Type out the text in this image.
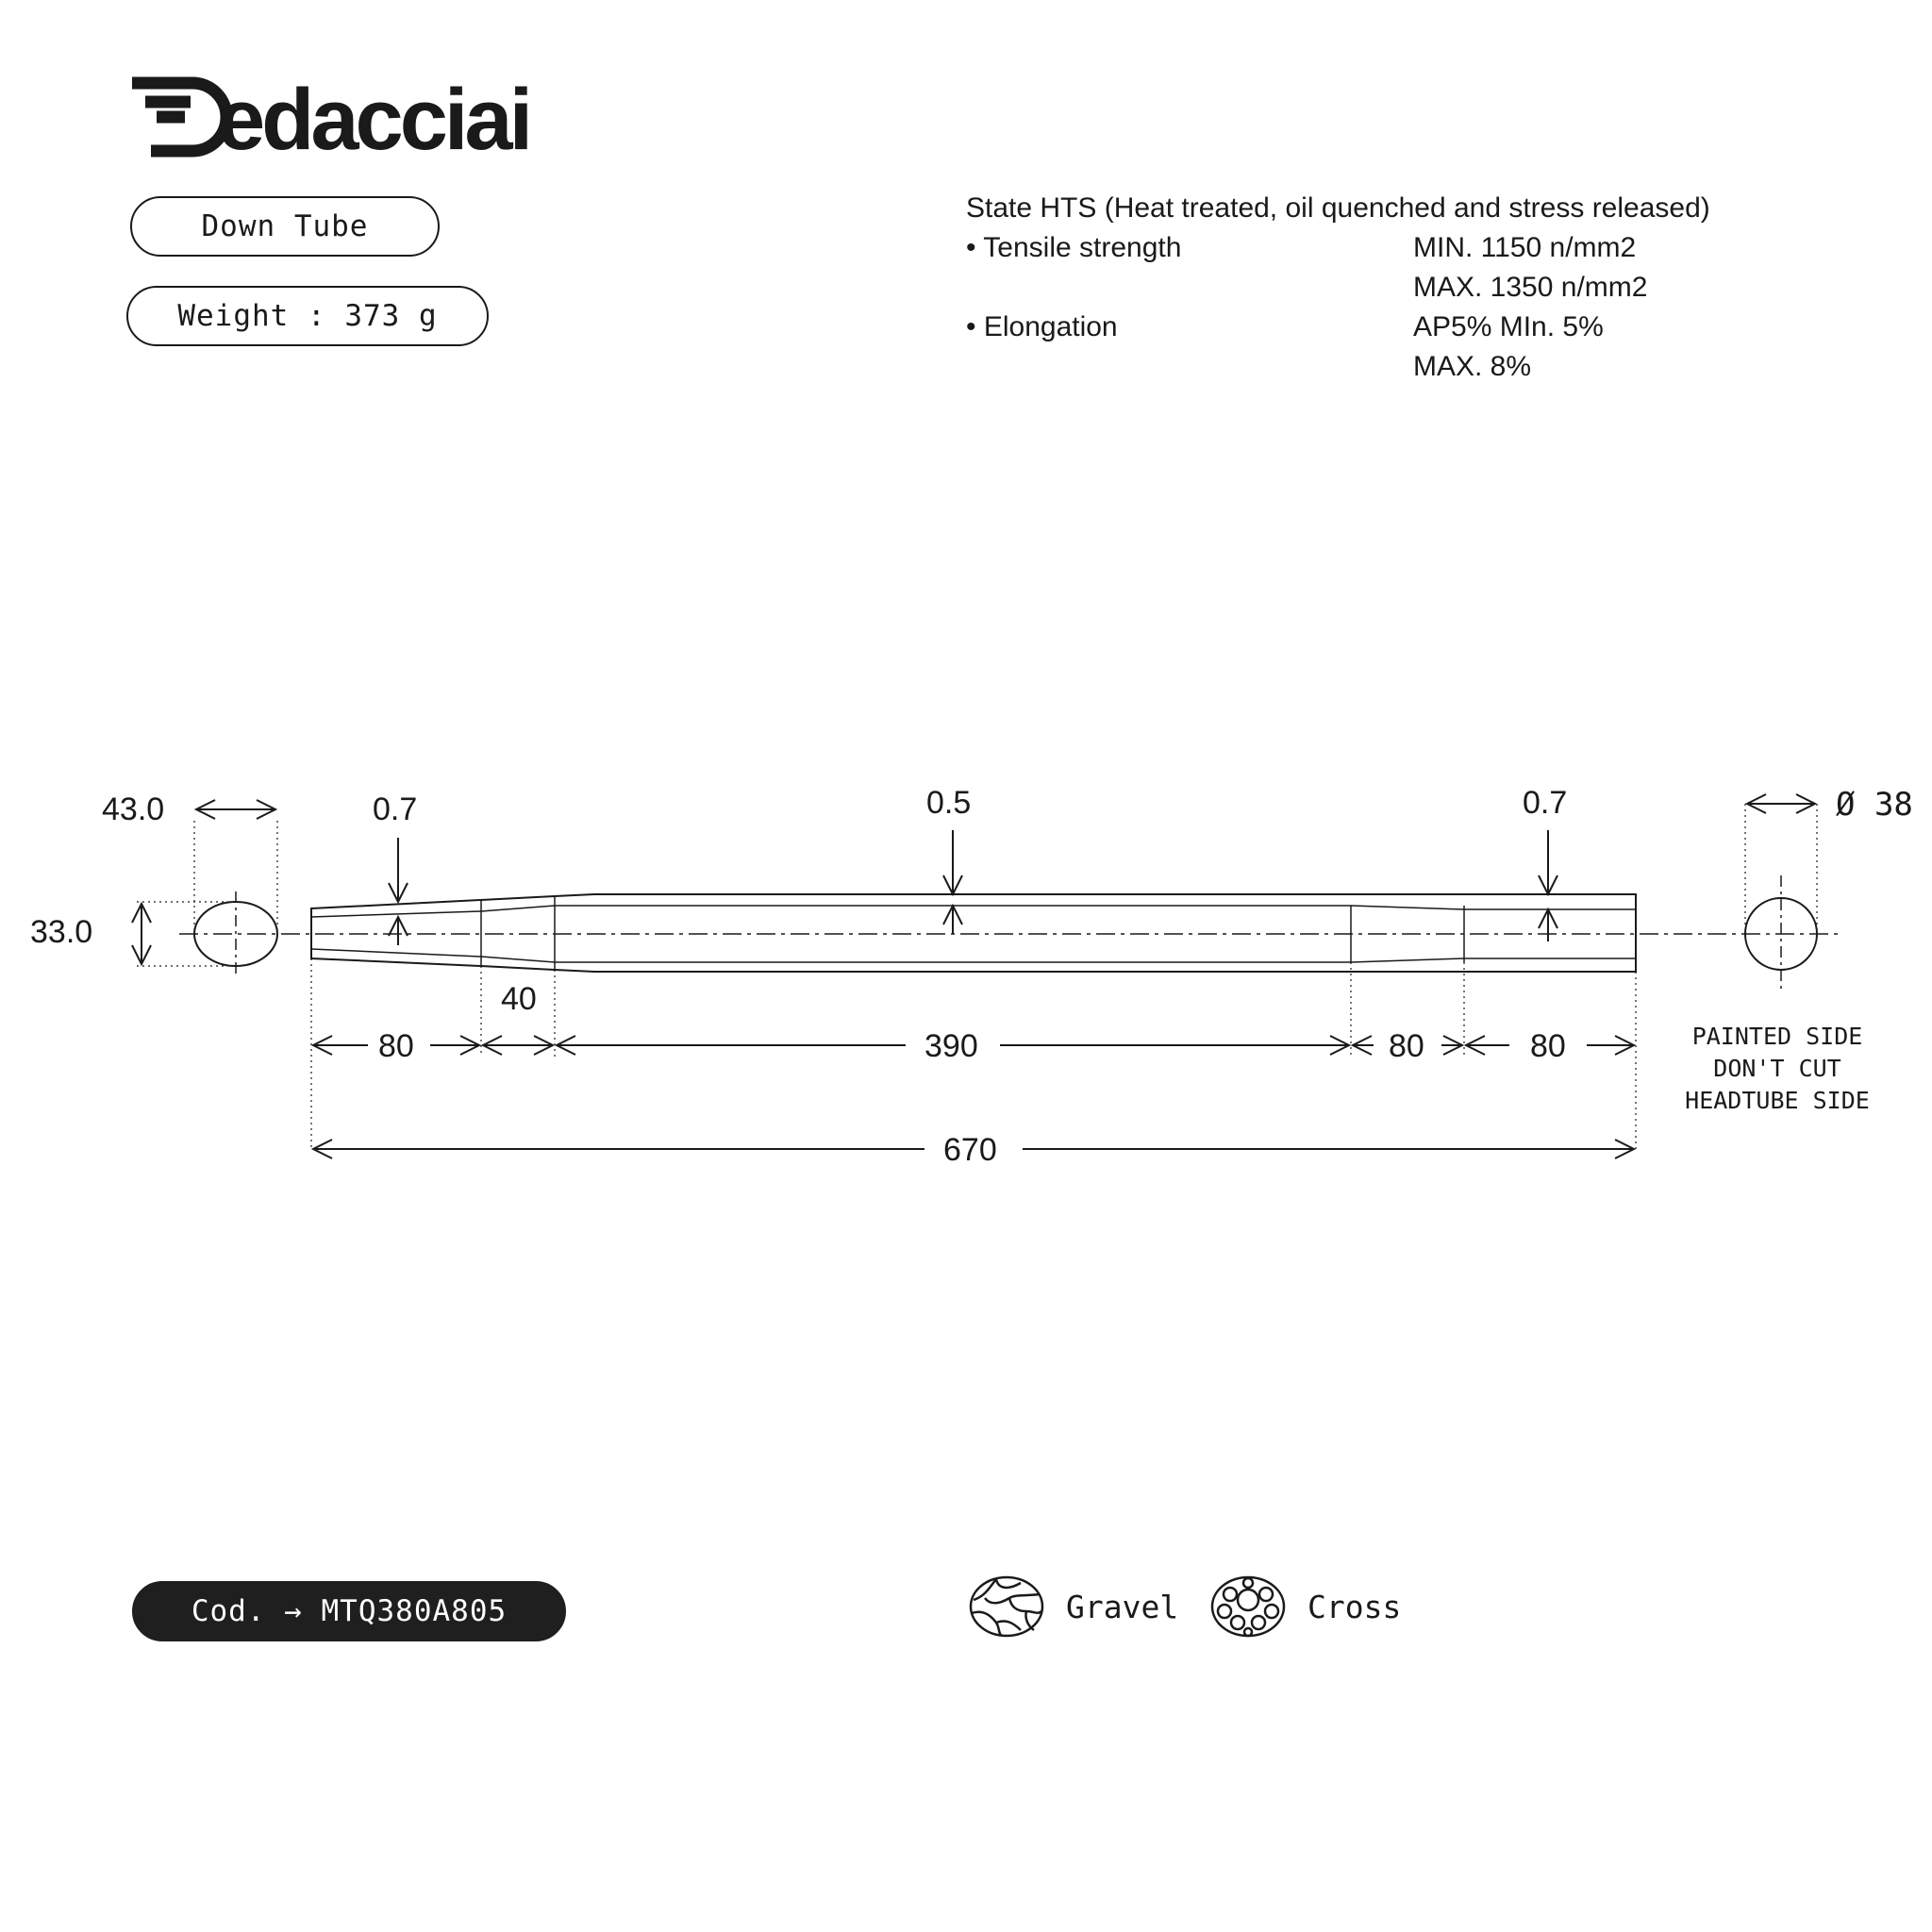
edacciai
Down Tube
Weight : 373 g
Cod. → MTQ380A805
State HTS (Heat treated, oil quenched and stress released)
• Tensile strength	MIN. 1150 n/mm2
MAX. 1350 n/mm2
• Elongation	AP5% MIn. 5%
MAX. 8%
43.0
33.0
0.7	0.5	0.7	Ø 38
80
40
390	80	80
670
PAINTED SIDE
DON'T CUT
HEADTUBE SIDE
Gravel	Cross
